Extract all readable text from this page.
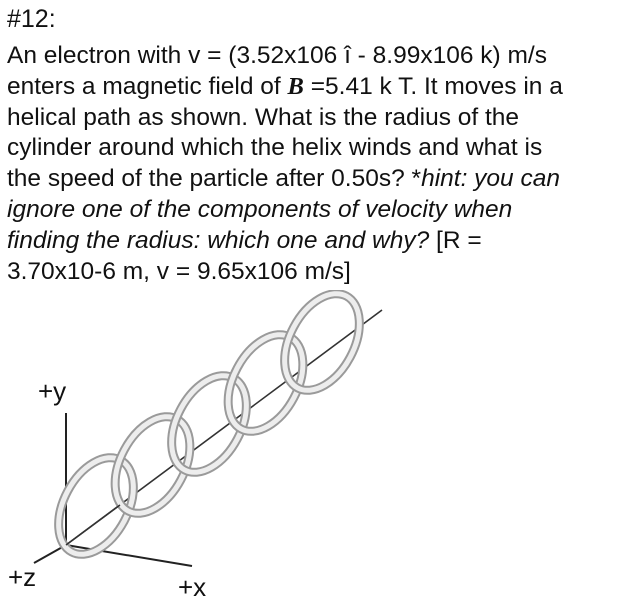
#12:
An electron with v = (3.52x106 î - 8.99x106 k) m/s
enters a magnetic field of B =5.41 k T. It moves in a
helical path as shown. What is the radius of the
cylinder around which the helix winds and what is
the speed of the particle after 0.50s? *hint: you can
ignore one of the components of velocity when
finding the radius: which one and why? [R =
3.70x10-6 m, v = 9.65x106 m/s]
+y
+z	+x
